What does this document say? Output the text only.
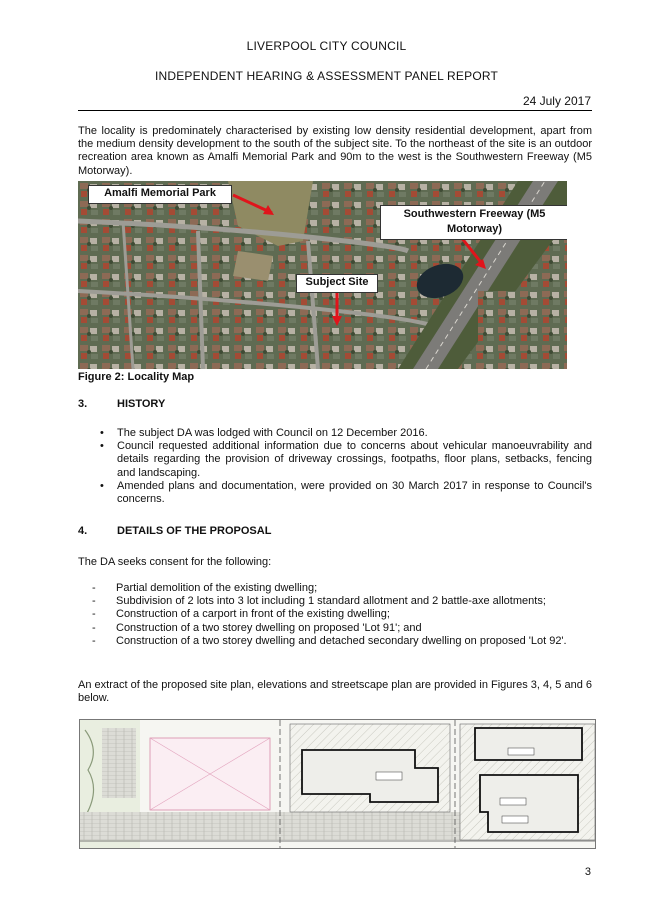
LIVERPOOL CITY COUNCIL
INDEPENDENT HEARING & ASSESSMENT PANEL REPORT
24 July 2017
The locality is predominately characterised by existing low density residential development, apart from the medium density development to the south of the subject site. To the northeast of the site is an outdoor recreation area known as Amalfi Memorial Park and 90m to the west is the Southwestern Freeway (M5 Motorway).
Amalfi Memorial Park
Southwestern Freeway (M5 Motorway)
Subject Site
Figure 2: Locality Map
3.	HISTORY
• The subject DA was lodged with Council on 12 December 2016.
• Council requested additional information due to concerns about vehicular manoeuvrability and details regarding the provision of driveway crossings, footpaths, floor plans, setbacks, fencing and landscaping.
• Amended plans and documentation, were provided on 30 March 2017 in response to Council's concerns.
4.	DETAILS OF THE PROPOSAL
The DA seeks consent for the following:
- Partial demolition of the existing dwelling;
- Subdivision of 2 lots into 3 lot including 1 standard allotment and 2 battle-axe allotments;
- Construction of a carport in front of the existing dwelling;
- Construction of a two storey dwelling on proposed 'Lot 91'; and
- Construction of a two storey dwelling and detached secondary dwelling on proposed 'Lot 92'.
An extract of the proposed site plan, elevations and streetscape plan are provided in Figures 3, 4, 5 and 6 below.
3
